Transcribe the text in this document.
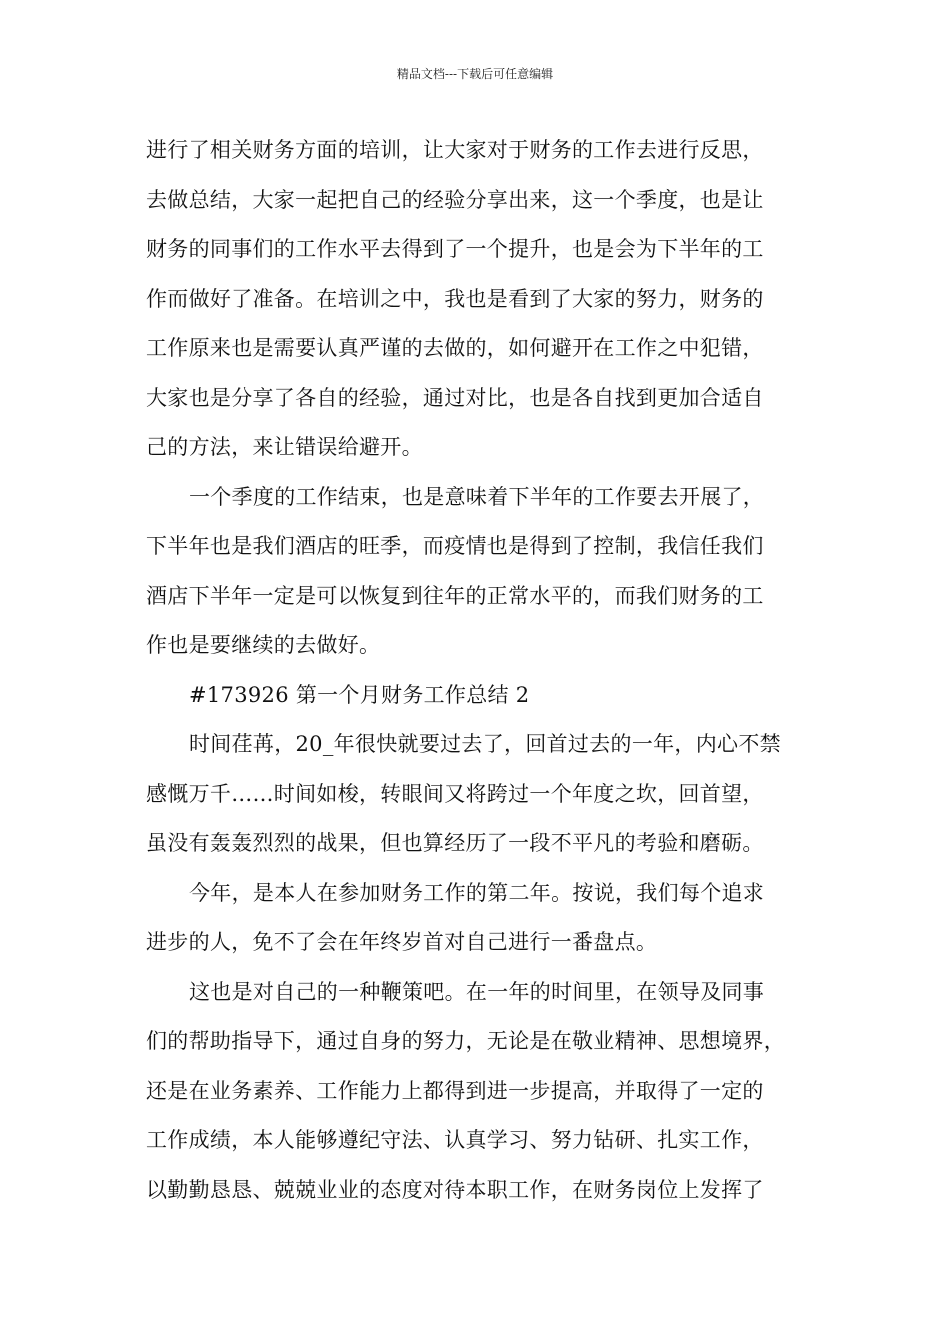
精品文档---下载后可任意编辑
进行了相关财务方面的培训，让大家对于财务的工作去进行反思，
去做总结，大家一起把自己的经验分享出来，这一个季度，也是让
财务的同事们的工作水平去得到了一个提升，也是会为下半年的工
作而做好了准备。在培训之中，我也是看到了大家的努力，财务的
工作原来也是需要认真严谨的去做的，如何避开在工作之中犯错，
大家也是分享了各自的经验，通过对比，也是各自找到更加合适自
己的方法，来让错误给避开。
一个季度的工作结束，也是意味着下半年的工作要去开展了，
下半年也是我们酒店的旺季，而疫情也是得到了控制，我信任我们
酒店下半年一定是可以恢复到往年的正常水平的，而我们财务的工
作也是要继续的去做好。
#173926 第一个月财务工作总结 2
时间荏苒，20_年很快就要过去了，回首过去的一年，内心不禁
感慨万千……时间如梭，转眼间又将跨过一个年度之坎，回首望，
虽没有轰轰烈烈的战果，但也算经历了一段不平凡的考验和磨砺。
今年，是本人在参加财务工作的第二年。按说，我们每个追求
进步的人，免不了会在年终岁首对自己进行一番盘点。
这也是对自己的一种鞭策吧。在一年的时间里，在领导及同事
们的帮助指导下，通过自身的努力，无论是在敬业精神、思想境界，
还是在业务素养、工作能力上都得到进一步提高，并取得了一定的
工作成绩，本人能够遵纪守法、认真学习、努力钻研、扎实工作，
以勤勤恳恳、兢兢业业的态度对待本职工作，在财务岗位上发挥了
